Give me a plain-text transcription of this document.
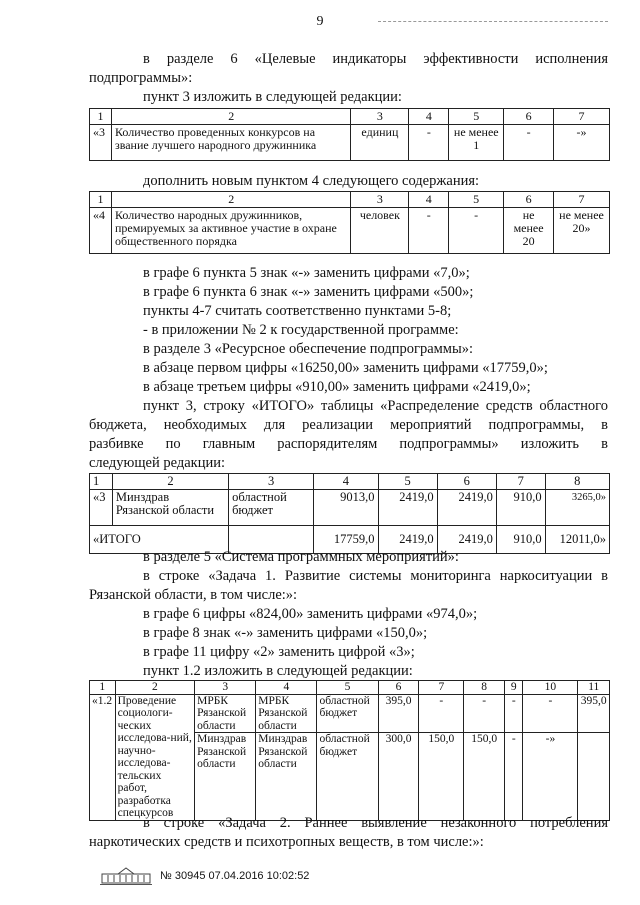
9
в разделе 6 «Целевые индикаторы эффективности исполнения
подпрограммы»:
пункт 3 изложить в следующей редакции:
1	2	3	4	5	6	7
«3	Количество проведенных конкурсов на звание лучшего народного дружинника	единиц	-	не менее 1	-	-»
дополнить новым пунктом 4 следующего содержания:
1	2	3	4	5	6	7
«4	Количество народных дружинников, премируемых за активное участие в охране общественного порядка	человек	-	-	не менее 20	не менее 20»
в графе 6 пункта 5 знак «-» заменить цифрами «7,0»;
в графе 6 пункта 6 знак «-» заменить цифрами «500»;
пункты 4-7 считать соответственно пунктами 5-8;
- в приложении № 2 к государственной программе:
в разделе 3 «Ресурсное обеспечение подпрограммы»:
в абзаце первом цифры «16250,00» заменить цифрами «17759,0»;
в абзаце третьем цифры «910,00» заменить цифрами «2419,0»;
пункт 3, строку «ИТОГО» таблицы «Распределение средств областного
бюджета, необходимых для реализации мероприятий подпрограммы, в
разбивке по главным распорядителям подпрограммы» изложить в
следующей редакции:
1	2	3	4	5	6	7	8
«3	Минздрав Рязанской области	областной бюджет	9013,0	2419,0	2419,0	910,0	3265,0»
«ИТОГО			17759,0	2419,0	2419,0	910,0	12011,0»
в разделе 5 «Система программных мероприятий»:
в строке «Задача 1. Развитие системы мониторинга наркоситуации в
Рязанской области, в том числе:»:
в графе 6 цифры «824,00» заменить цифрами «974,0»;
в графе 8 знак «-» заменить цифрами «150,0»;
в графе 11 цифру «2» заменить цифрой «3»;
пункт 1.2 изложить в следующей редакции:
1	2	3	4	5	6	7	8	9	10	11
«1.2	Проведение социологи-ческих исследова-ний, научно-исследова-тельских работ, разработка спецкурсов	МРБК Рязанской области	МРБК Рязанской области	областной бюджет	395,0	-	-	-	-	395,0
		Минздрав Рязанской области	Минздрав Рязанской области	областной бюджет	300,0	150,0	150,0	-	-»	
в строке «Задача 2. Раннее выявление незаконного потребления
наркотических средств и психотропных веществ, в том числе:»:
№ 30945 07.04.2016 10:02:52
